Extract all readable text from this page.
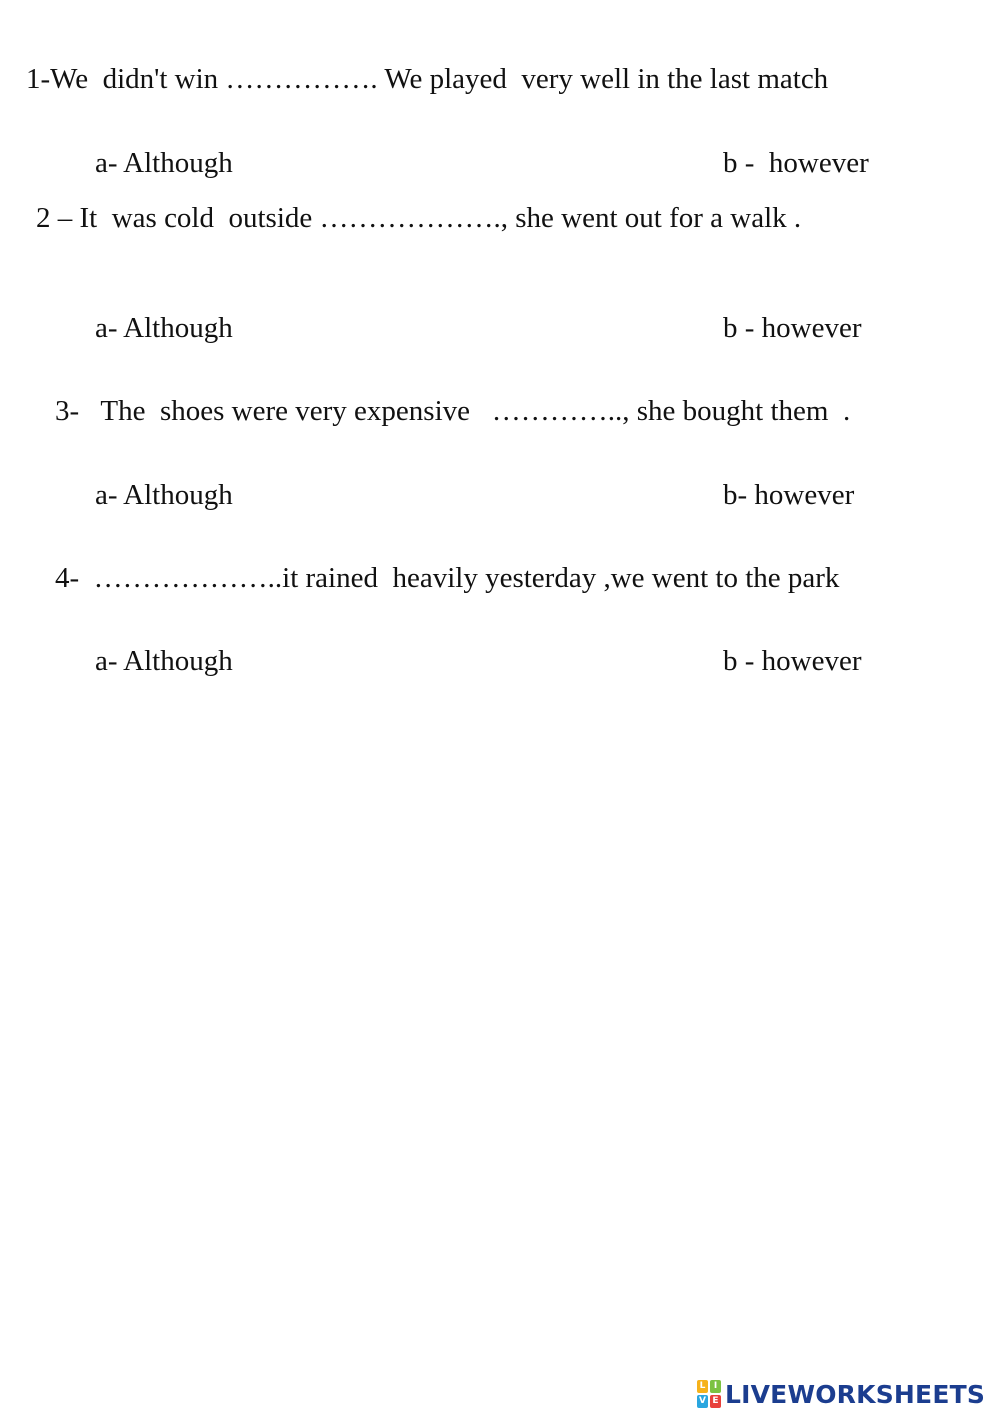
1-We  didn't win ……………. We played  very well in the last match
a- Although	b -  however
2 – It  was cold  outside ………………., she went out for a walk .
a- Although	b - however
3-   The  shoes were very expensive   ………….., she bought them  .
a- Although	b- however
4-  ………………..it rained  heavily yesterday ,we went to the park
a- Although	b - however
L I
V E LIVEWORKSHEETS
